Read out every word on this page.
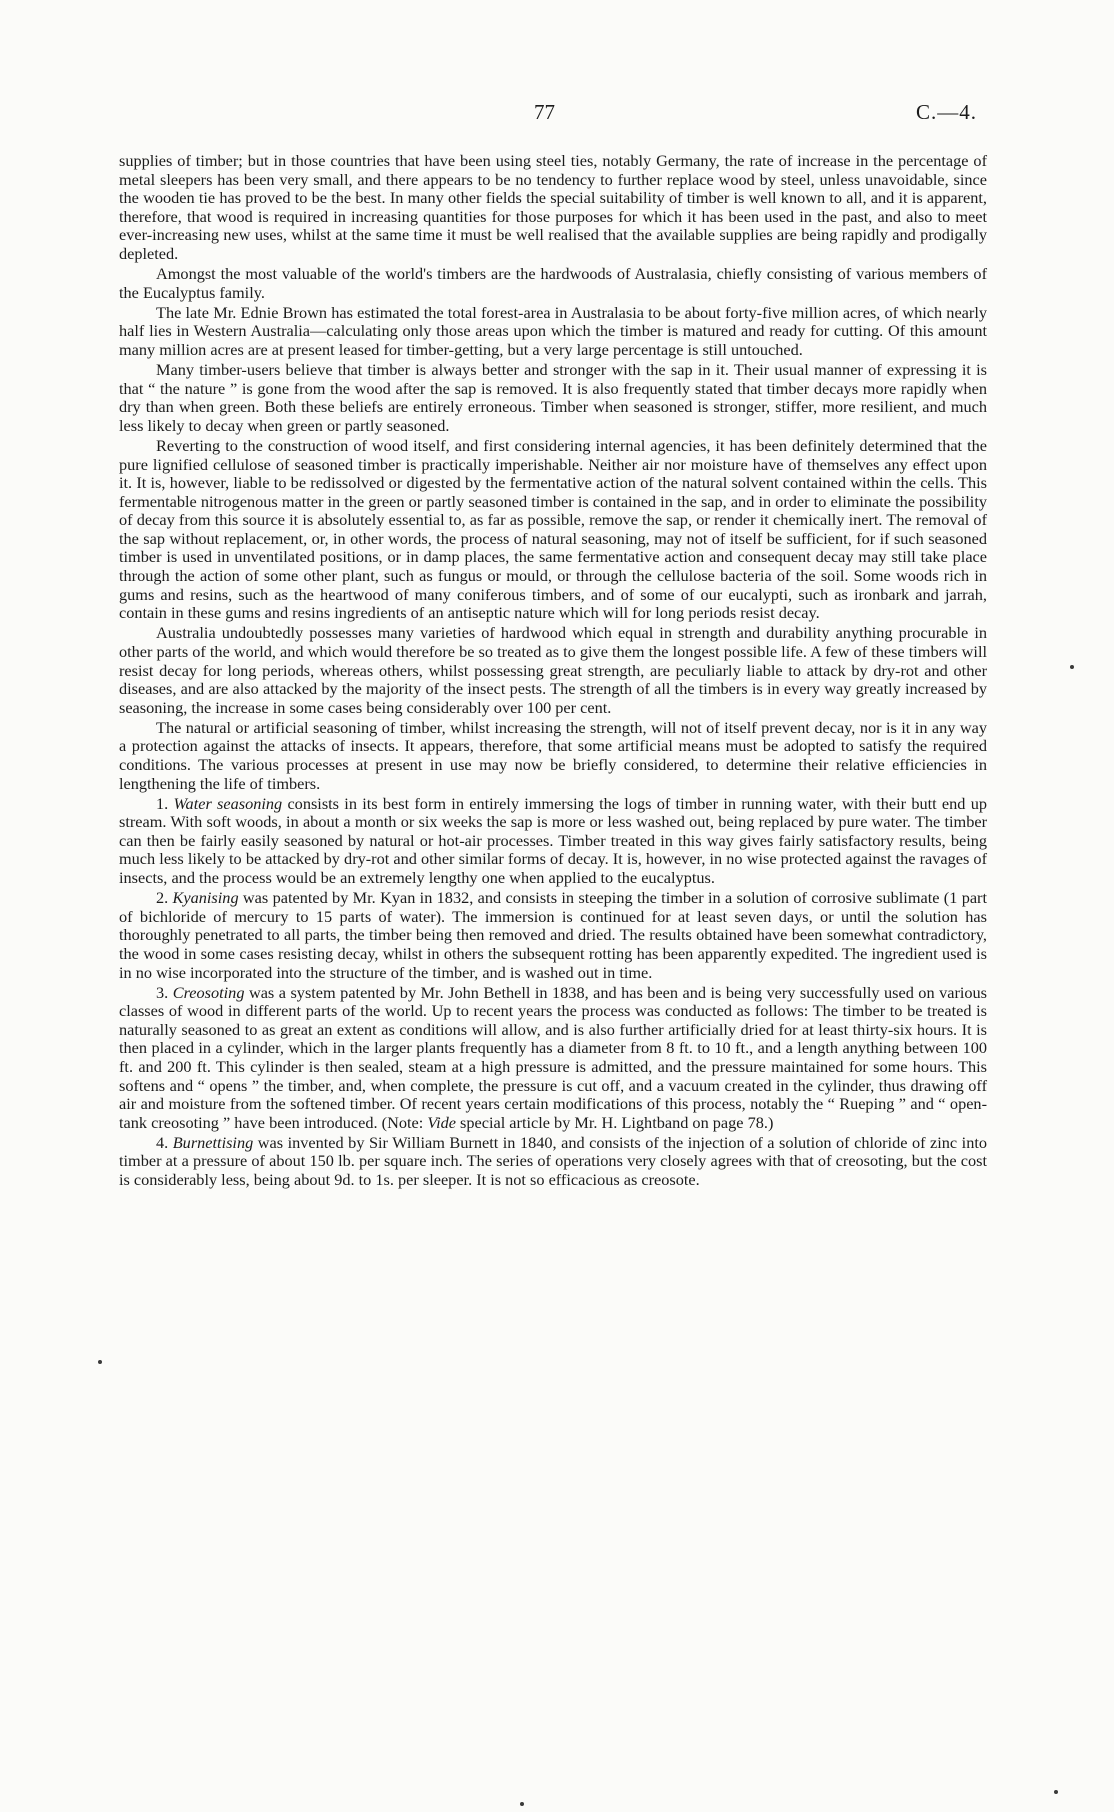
77	C.—4.

supplies of timber; but in those countries that have been using steel ties, notably Germany, the rate of increase in the percentage of metal sleepers has been very small, and there appears to be no tendency to further replace wood by steel, unless unavoidable, since the wooden tie has proved to be the best. In many other fields the special suitability of timber is well known to all, and it is apparent, therefore, that wood is required in increasing quantities for those purposes for which it has been used in the past, and also to meet ever-increasing new uses, whilst at the same time it must be well realised that the available supplies are being rapidly and prodigally depleted.

Amongst the most valuable of the world's timbers are the hardwoods of Australasia, chiefly consisting of various members of the Eucalyptus family.

The late Mr. Ednie Brown has estimated the total forest-area in Australasia to be about forty-five million acres, of which nearly half lies in Western Australia—calculating only those areas upon which the timber is matured and ready for cutting. Of this amount many million acres are at present leased for timber-getting, but a very large percentage is still untouched.

Many timber-users believe that timber is always better and stronger with the sap in it. Their usual manner of expressing it is that “ the nature ” is gone from the wood after the sap is removed. It is also frequently stated that timber decays more rapidly when dry than when green. Both these beliefs are entirely erroneous. Timber when seasoned is stronger, stiffer, more resilient, and much less likely to decay when green or partly seasoned.

Reverting to the construction of wood itself, and first considering internal agencies, it has been definitely determined that the pure lignified cellulose of seasoned timber is practically imperishable. Neither air nor moisture have of themselves any effect upon it. It is, however, liable to be redissolved or digested by the fermentative action of the natural solvent contained within the cells. This fermentable nitrogenous matter in the green or partly seasoned timber is contained in the sap, and in order to eliminate the possibility of decay from this source it is absolutely essential to, as far as possible, remove the sap, or render it chemically inert. The removal of the sap without replacement, or, in other words, the process of natural seasoning, may not of itself be sufficient, for if such seasoned timber is used in unventilated positions, or in damp places, the same fermentative action and consequent decay may still take place through the action of some other plant, such as fungus or mould, or through the cellulose bacteria of the soil. Some woods rich in gums and resins, such as the heartwood of many coniferous timbers, and of some of our eucalypti, such as ironbark and jarrah, contain in these gums and resins ingredients of an antiseptic nature which will for long periods resist decay.

Australia undoubtedly possesses many varieties of hardwood which equal in strength and durability anything procurable in other parts of the world, and which would therefore be so treated as to give them the longest possible life. A few of these timbers will resist decay for long periods, whereas others, whilst possessing great strength, are peculiarly liable to attack by dry-rot and other diseases, and are also attacked by the majority of the insect pests. The strength of all the timbers is in every way greatly increased by seasoning, the increase in some cases being considerably over 100 per cent.

The natural or artificial seasoning of timber, whilst increasing the strength, will not of itself prevent decay, nor is it in any way a protection against the attacks of insects. It appears, therefore, that some artificial means must be adopted to satisfy the required conditions. The various processes at present in use may now be briefly considered, to determine their relative efficiencies in lengthening the life of timbers.

1. Water seasoning consists in its best form in entirely immersing the logs of timber in running water, with their butt end up stream. With soft woods, in about a month or six weeks the sap is more or less washed out, being replaced by pure water. The timber can then be fairly easily seasoned by natural or hot-air processes. Timber treated in this way gives fairly satisfactory results, being much less likely to be attacked by dry-rot and other similar forms of decay. It is, however, in no wise protected against the ravages of insects, and the process would be an extremely lengthy one when applied to the eucalyptus.

2. Kyanising was patented by Mr. Kyan in 1832, and consists in steeping the timber in a solution of corrosive sublimate (1 part of bichloride of mercury to 15 parts of water). The immersion is continued for at least seven days, or until the solution has thoroughly penetrated to all parts, the timber being then removed and dried. The results obtained have been somewhat contradictory, the wood in some cases resisting decay, whilst in others the subsequent rotting has been apparently expedited. The ingredient used is in no wise incorporated into the structure of the timber, and is washed out in time.

3. Creosoting was a system patented by Mr. John Bethell in 1838, and has been and is being very successfully used on various classes of wood in different parts of the world. Up to recent years the process was conducted as follows: The timber to be treated is naturally seasoned to as great an extent as conditions will allow, and is also further artificially dried for at least thirty-six hours. It is then placed in a cylinder, which in the larger plants frequently has a diameter from 8 ft. to 10 ft., and a length anything between 100 ft. and 200 ft. This cylinder is then sealed, steam at a high pressure is admitted, and the pressure maintained for some hours. This softens and “ opens ” the timber, and, when complete, the pressure is cut off, and a vacuum created in the cylinder, thus drawing off air and moisture from the softened timber. Of recent years certain modifications of this process, notably the “ Rueping ” and “ open-tank creosoting ” have been introduced. (Note: Vide special article by Mr. H. Lightband on page 78.)

4. Burnettising was invented by Sir William Burnett in 1840, and consists of the injection of a solution of chloride of zinc into timber at a pressure of about 150 lb. per square inch. The series of operations very closely agrees with that of creosoting, but the cost is considerably less, being about 9d. to 1s. per sleeper. It is not so efficacious as creosote.
